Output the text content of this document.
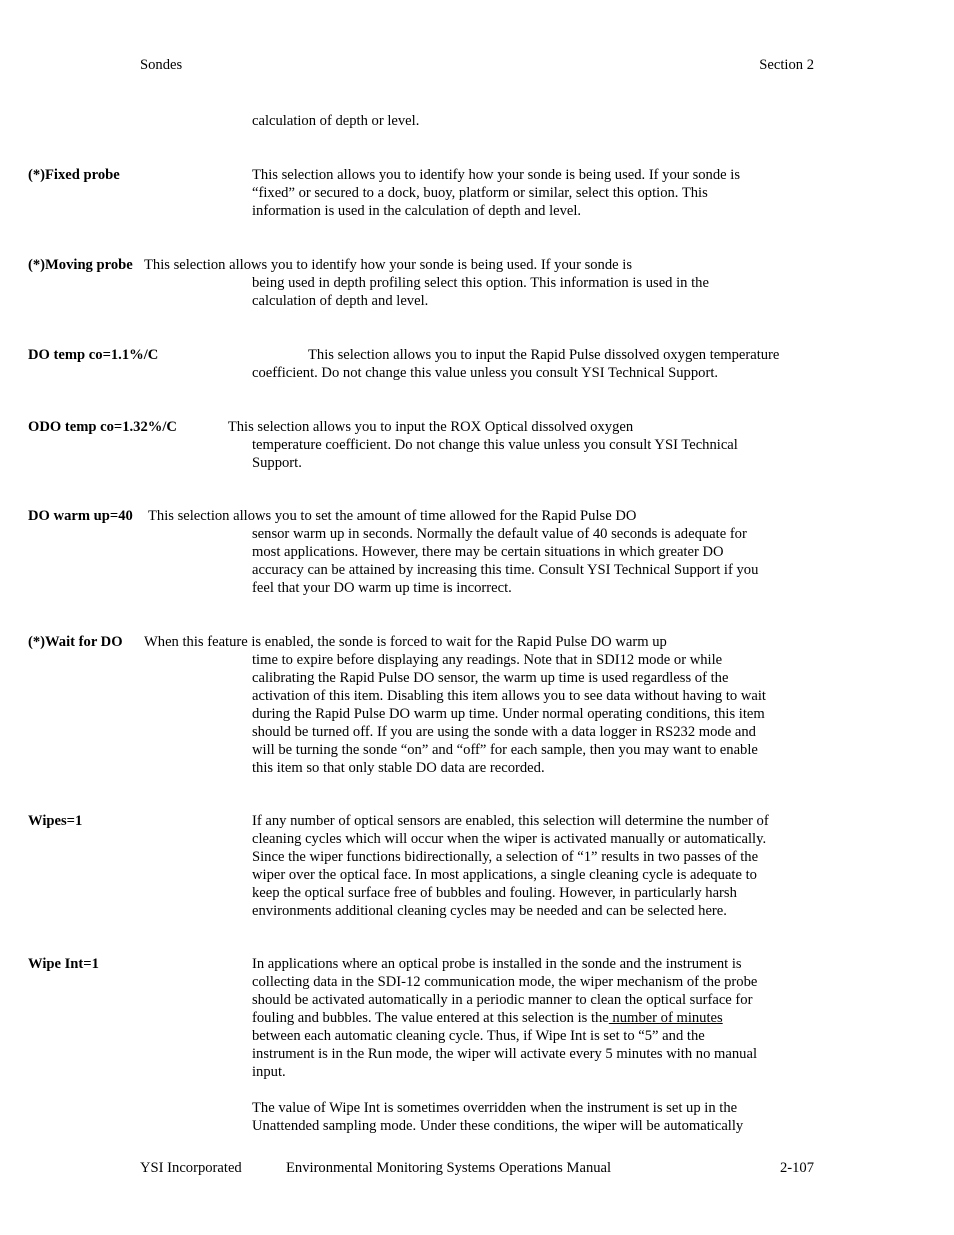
Sondes	Section 2
calculation of depth or level.

(*)Fixed probe	This selection allows you to identify how your sonde is being used. If your sonde is

“fixed” or secured to a dock, buoy, platform or similar, select this option. This

information is used in the calculation of depth and level.

(*)Moving probe This selection allows you to identify how your sonde is being used. If your sonde is

being used in depth profiling select this option. This information is used in the

calculation of depth and level.

DO temp co=1.1%/C	This selection allows you to input the Rapid Pulse dissolved oxygen temperature

coefficient. Do not change this value unless you consult YSI Technical Support.

ODO temp co=1.32%/C	This selection allows you to input the ROX Optical dissolved oxygen

temperature coefficient. Do not change this value unless you consult YSI Technical

Support.

DO warm up=40 This selection allows you to set the amount of time allowed for the Rapid Pulse DO

sensor warm up in seconds. Normally the default value of 40 seconds is adequate for

most applications. However, there may be certain situations in which greater DO

accuracy can be attained by increasing this time. Consult YSI Technical Support if you

feel that your DO warm up time is incorrect.

(*)Wait for DO When this feature is enabled, the sonde is forced to wait for the Rapid Pulse DO warm up

time to expire before displaying any readings. Note that in SDI12 mode or while

calibrating the Rapid Pulse DO sensor, the warm up time is used regardless of the

activation of this item. Disabling this item allows you to see data without having to wait

during the Rapid Pulse DO warm up time. Under normal operating conditions, this item

should be turned off. If you are using the sonde with a data logger in RS232 mode and

will be turning the sonde “on” and “off” for each sample, then you may want to enable

this item so that only stable DO data are recorded.

Wipes=1	If any number of optical sensors are enabled, this selection will determine the number of

cleaning cycles which will occur when the wiper is activated manually or automatically.

Since the wiper functions bidirectionally, a selection of “1” results in two passes of the

wiper over the optical face. In most applications, a single cleaning cycle is adequate to

keep the optical surface free of bubbles and fouling. However, in particularly harsh

environments additional cleaning cycles may be needed and can be selected here.

Wipe Int=1	In applications where an optical probe is installed in the sonde and the instrument is

collecting data in the SDI-12 communication mode, the wiper mechanism of the probe

should be activated automatically in a periodic manner to clean the optical surface for

fouling and bubbles. The value entered at this selection is the number of minutes

between each automatic cleaning cycle. Thus, if Wipe Int is set to “5” and the

instrument is in the Run mode, the wiper will activate every 5 minutes with no manual

input.

The value of Wipe Int is sometimes overridden when the instrument is set up in the

Unattended sampling mode. Under these conditions, the wiper will be automatically

YSI Incorporated	Environmental Monitoring Systems Operations Manual	2-107
